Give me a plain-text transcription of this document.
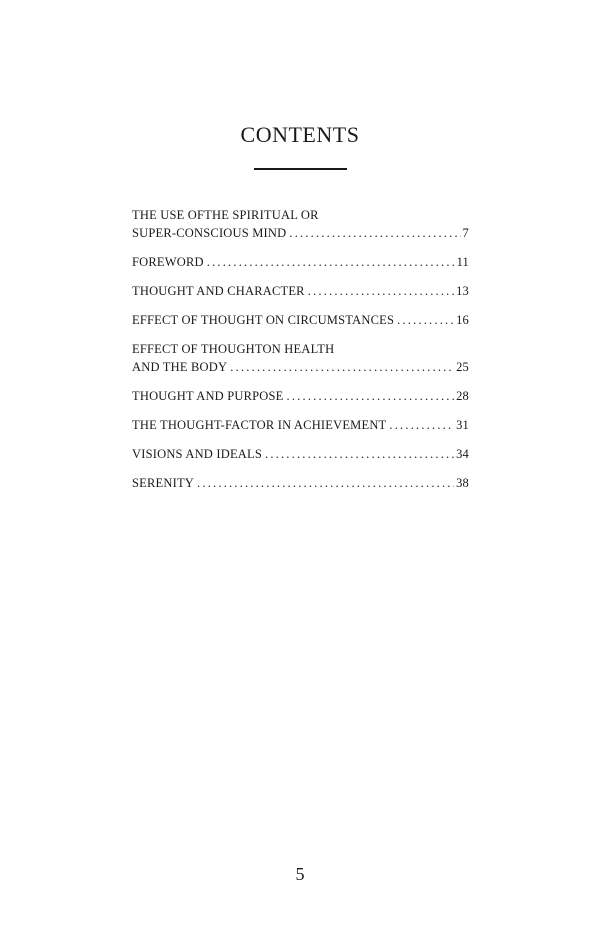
CONTENTS
THE USE OFTHE SPIRITUAL OR
SUPER-CONSCIOUS MIND .....	7
FOREWORD .....	11
THOUGHT AND CHARACTER .....	13
EFFECT OF THOUGHT ON CIRCUMSTANCES .....	16
EFFECT OF THOUGHTON HEALTH
AND THE BODY .....	25
THOUGHT AND PURPOSE .....	28
THE THOUGHT-FACTOR IN ACHIEVEMENT .....	31
VISIONS AND IDEALS .....	34
SERENITY .....	38
5
